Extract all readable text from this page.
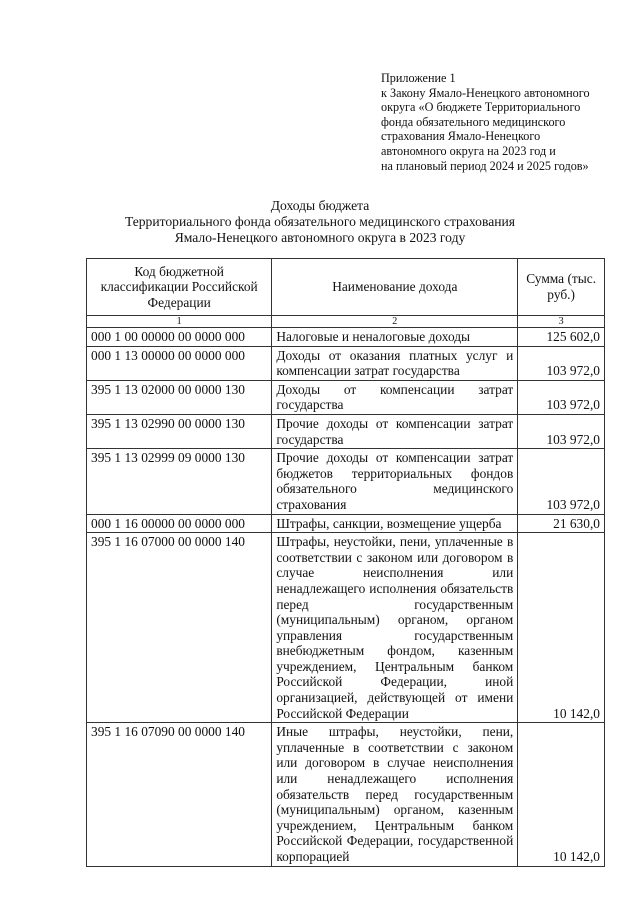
Приложение 1
к Закону Ямало-Ненецкого автономного
округа «О бюджете Территориального
фонда обязательного медицинского
страхования Ямало-Ненецкого
автономного округа на 2023 год и
на плановый период 2024 и 2025 годов»
Доходы бюджета
Территориального фонда обязательного медицинского страхования
Ямало-Ненецкого автономного округа в 2023 году
Код бюджетной классификации Российской Федерации	Наименование дохода	Сумма (тыс. руб.)
1	2	3
000 1 00 00000 00 0000 000	Налоговые и неналоговые доходы	125 602,0
000 1 13 00000 00 0000 000	Доходы от оказания платных услуг и компенсации затрат государства	103 972,0
395 1 13 02000 00 0000 130	Доходы от компенсации затрат государства	103 972,0
395 1 13 02990 00 0000 130	Прочие доходы от компенсации затрат государства	103 972,0
395 1 13 02999 09 0000 130	Прочие доходы от компенсации затрат бюджетов территориальных фондов обязательного медицинского страхования	103 972,0
000 1 16 00000 00 0000 000	Штрафы, санкции, возмещение ущерба	21 630,0
395 1 16 07000 00 0000 140	Штрафы, неустойки, пени, уплаченные в соответствии с законом или договором в случае неисполнения или ненадлежащего исполнения обязательств перед государственным (муниципальным) органом, органом управления государственным внебюджетным фондом, казенным учреждением, Центральным банком Российской Федерации, иной организацией, действующей от имени Российской Федерации	10 142,0
395 1 16 07090 00 0000 140	Иные штрафы, неустойки, пени, уплаченные в соответствии с законом или договором в случае неисполнения или ненадлежащего исполнения обязательств перед государственным (муниципальным) органом, казенным учреждением, Центральным банком Российской Федерации, государственной корпорацией	10 142,0
